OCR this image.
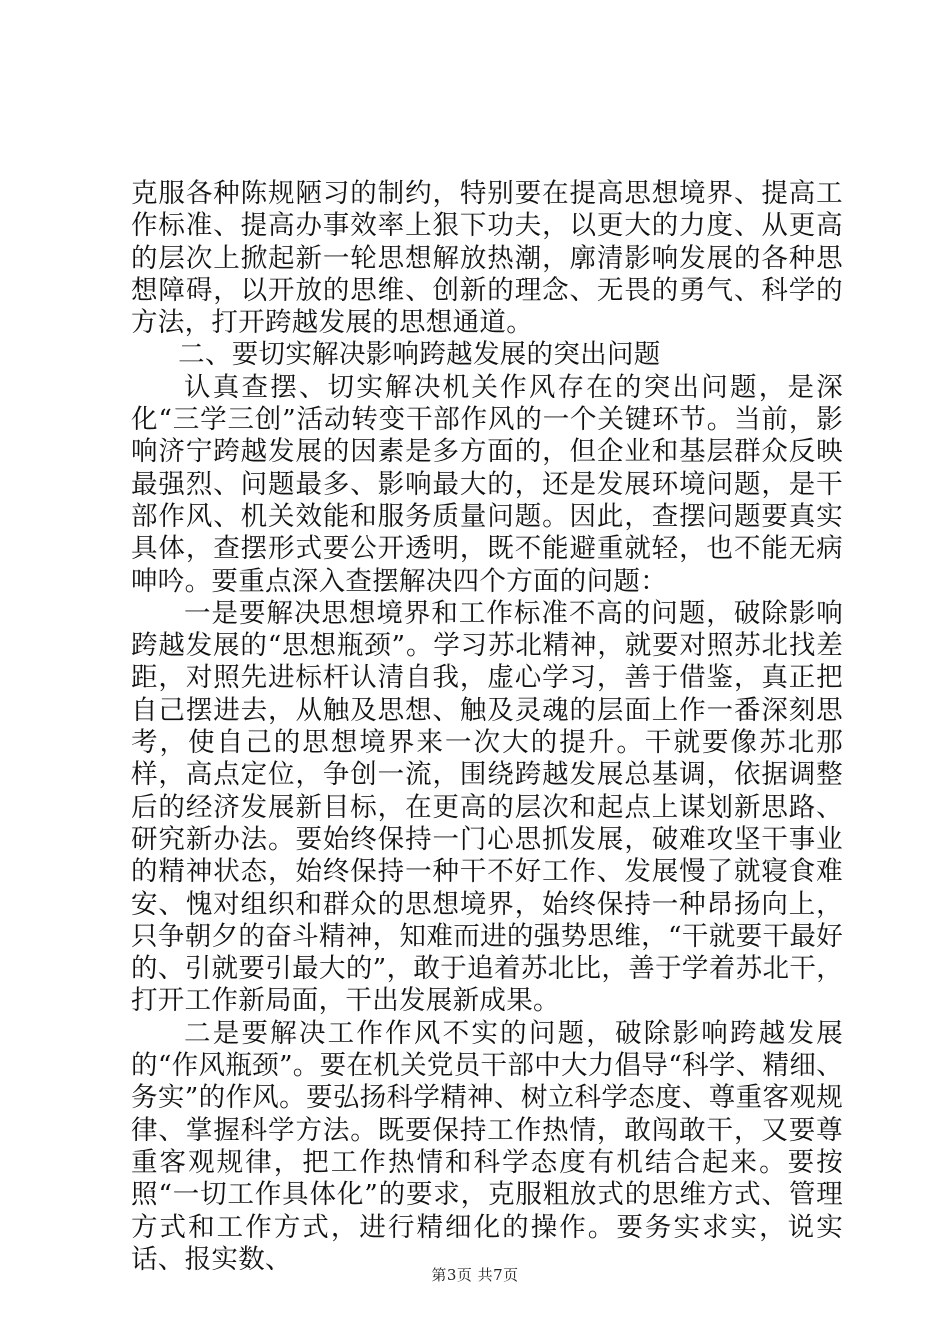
克服各种陈规陋习的制约，特别要在提高思想境界、提高工作标准、提高办事效率上狠下功夫，以更大的力度、从更高的层次上掀起新一轮思想解放热潮，廓清影响发展的各种思想障碍，以开放的思维、创新的理念、无畏的勇气、科学的方法，打开跨越发展的思想通道。

二、要切实解决影响跨越发展的突出问题

认真查摆、切实解决机关作风存在的突出问题，是深化“三学三创”活动转变干部作风的一个关键环节。当前，影响济宁跨越发展的因素是多方面的，但企业和基层群众反映最强烈、问题最多、影响最大的，还是发展环境问题，是干部作风、机关效能和服务质量问题。因此，查摆问题要真实具体，查摆形式要公开透明，既不能避重就轻，也不能无病呻吟。要重点深入查摆解决四个方面的问题：

一是要解决思想境界和工作标准不高的问题，破除影响跨越发展的“思想瓶颈”。学习苏北精神，就要对照苏北找差距，对照先进标杆认清自我，虚心学习，善于借鉴，真正把自己摆进去，从触及思想、触及灵魂的层面上作一番深刻思考，使自己的思想境界来一次大的提升。干就要像苏北那样，高点定位，争创一流，围绕跨越发展总基调，依据调整后的经济发展新目标，在更高的层次和起点上谋划新思路、研究新办法。要始终保持一门心思抓发展，破难攻坚干事业的精神状态，始终保持一种干不好工作、发展慢了就寝食难安、愧对组织和群众的思想境界，始终保持一种昂扬向上，只争朝夕的奋斗精神，知难而进的强势思维，“干就要干最好的、引就要引最大的”，敢于追着苏北比，善于学着苏北干，打开工作新局面，干出发展新成果。

二是要解决工作作风不实的问题，破除影响跨越发展的“作风瓶颈”。要在机关党员干部中大力倡导“科学、精细、务实”的作风。要弘扬科学精神、树立科学态度、尊重客观规律、掌握科学方法。既要保持工作热情，敢闯敢干，又要尊重客观规律，把工作热情和科学态度有机结合起来。要按照“一切工作具体化”的要求，克服粗放式的思维方式、管理方式和工作方式，进行精细化的操作。要务实求实，说实话、报实数、

第3页 共7页
